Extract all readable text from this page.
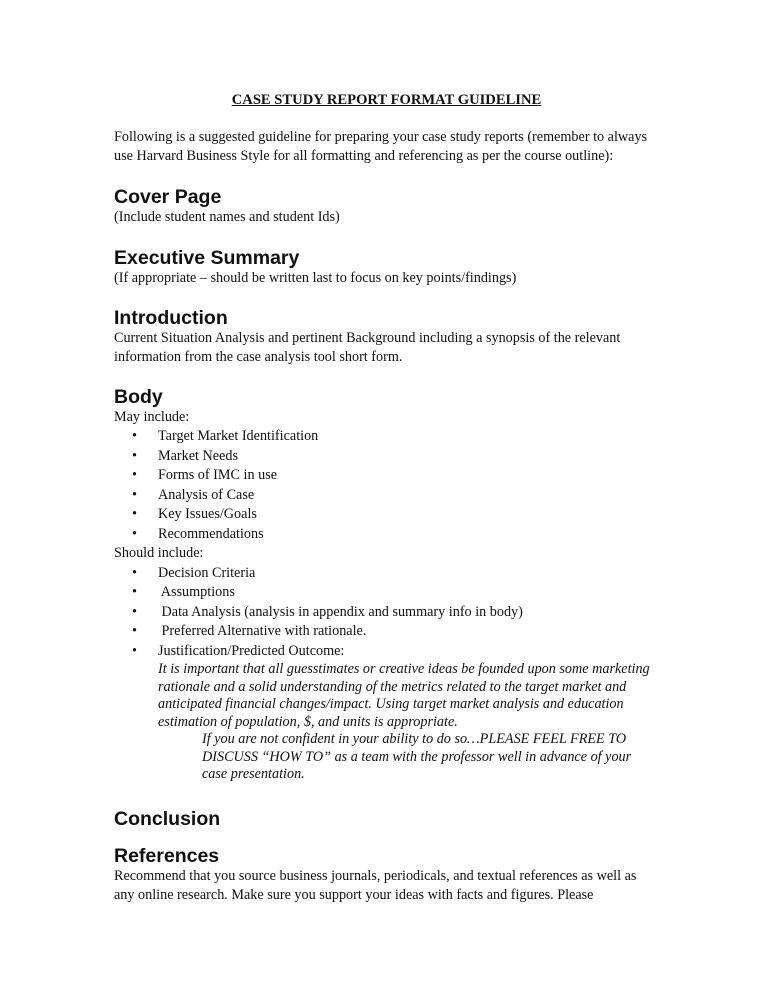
CASE STUDY REPORT FORMAT GUIDELINE

Following is a suggested guideline for preparing your case study reports (remember to always use Harvard Business Style for all formatting and referencing as per the course outline):

Cover Page

(Include student names and student Ids)

Executive Summary

(If appropriate – should be written last to focus on key points/findings)

Introduction

Current Situation Analysis and pertinent Background including a synopsis of the relevant information from the case analysis tool short form.

Body

May include:

• Target Market Identification
• Market Needs
• Forms of IMC in use
• Analysis of Case
• Key Issues/Goals
• Recommendations

Should include:

• Decision Criteria
• Assumptions
• Data Analysis (analysis in appendix and summary info in body)
• Preferred Alternative with rationale.
• Justification/Predicted Outcome:

It is important that all guesstimates or creative ideas be founded upon some marketing rationale and a solid understanding of the metrics related to the target market and anticipated financial changes/impact. Using target market analysis and education estimation of population, $, and units is appropriate.

If you are not confident in your ability to do so…PLEASE FEEL FREE TO DISCUSS “HOW TO” as a team with the professor well in advance of your case presentation.

Conclusion
References

Recommend that you source business journals, periodicals, and textual references as well as any online research. Make sure you support your ideas with facts and figures. Please
